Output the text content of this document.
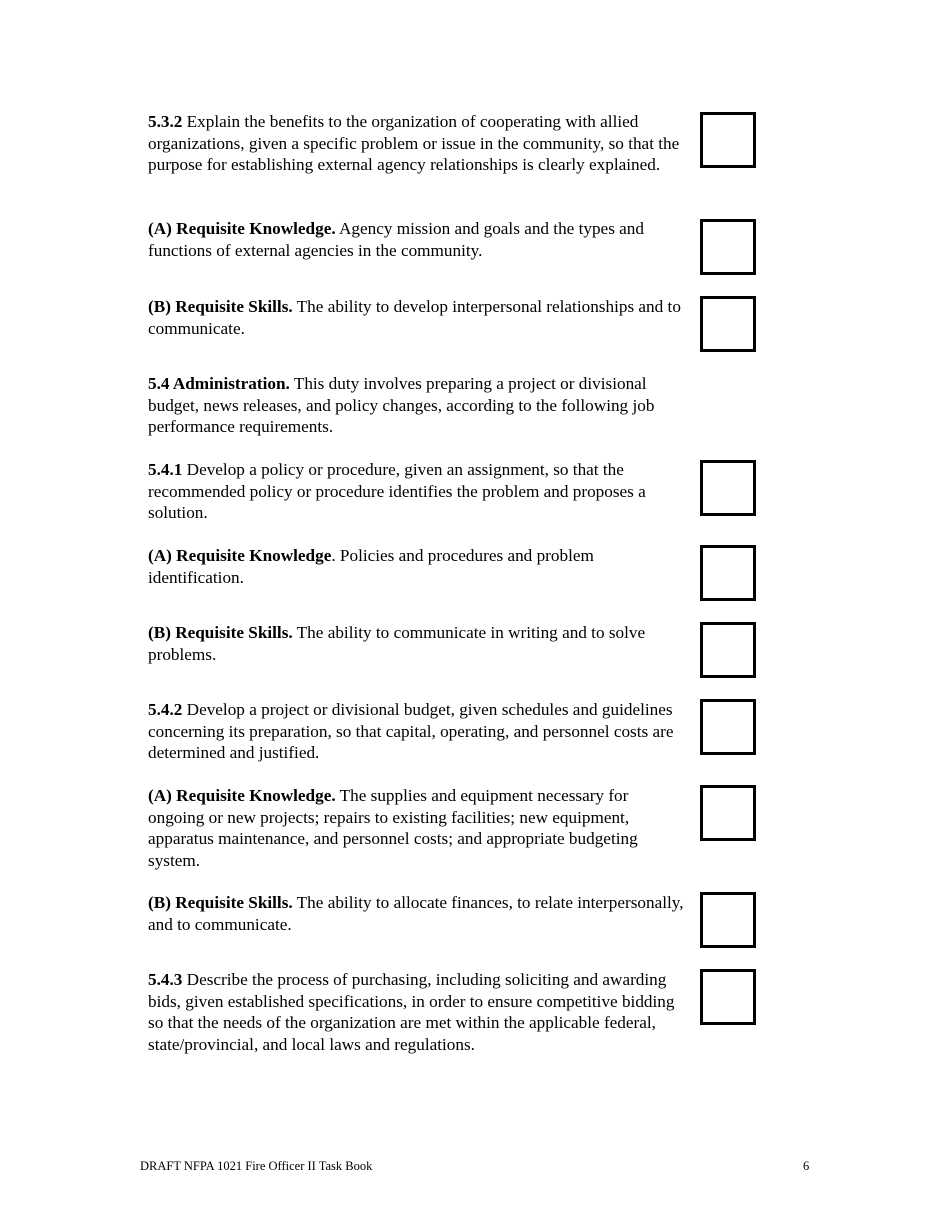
5.3.2 Explain the benefits to the organization of cooperating with allied organizations, given a specific problem or issue in the community, so that the purpose for establishing external agency relationships is clearly explained.

(A) Requisite Knowledge. Agency mission and goals and the types and functions of external agencies in the community.

(B) Requisite Skills. The ability to develop interpersonal relationships and to communicate.

5.4 Administration. This duty involves preparing a project or divisional budget, news releases, and policy changes, according to the following job performance requirements.

5.4.1 Develop a policy or procedure, given an assignment, so that the recommended policy or procedure identifies the problem and proposes a solution.

(A) Requisite Knowledge. Policies and procedures and problem identification.

(B) Requisite Skills. The ability to communicate in writing and to solve problems.

5.4.2 Develop a project or divisional budget, given schedules and guidelines concerning its preparation, so that capital, operating, and personnel costs are determined and justified.

(A) Requisite Knowledge. The supplies and equipment necessary for ongoing or new projects; repairs to existing facilities; new equipment, apparatus maintenance, and personnel costs; and appropriate budgeting system.

(B) Requisite Skills. The ability to allocate finances, to relate interpersonally, and to communicate.

5.4.3 Describe the process of purchasing, including soliciting and awarding bids, given established specifications, in order to ensure competitive bidding so that the needs of the organization are met within the applicable federal, state/provincial, and local laws and regulations.

DRAFT NFPA 1021 Fire Officer II Task Book	6
